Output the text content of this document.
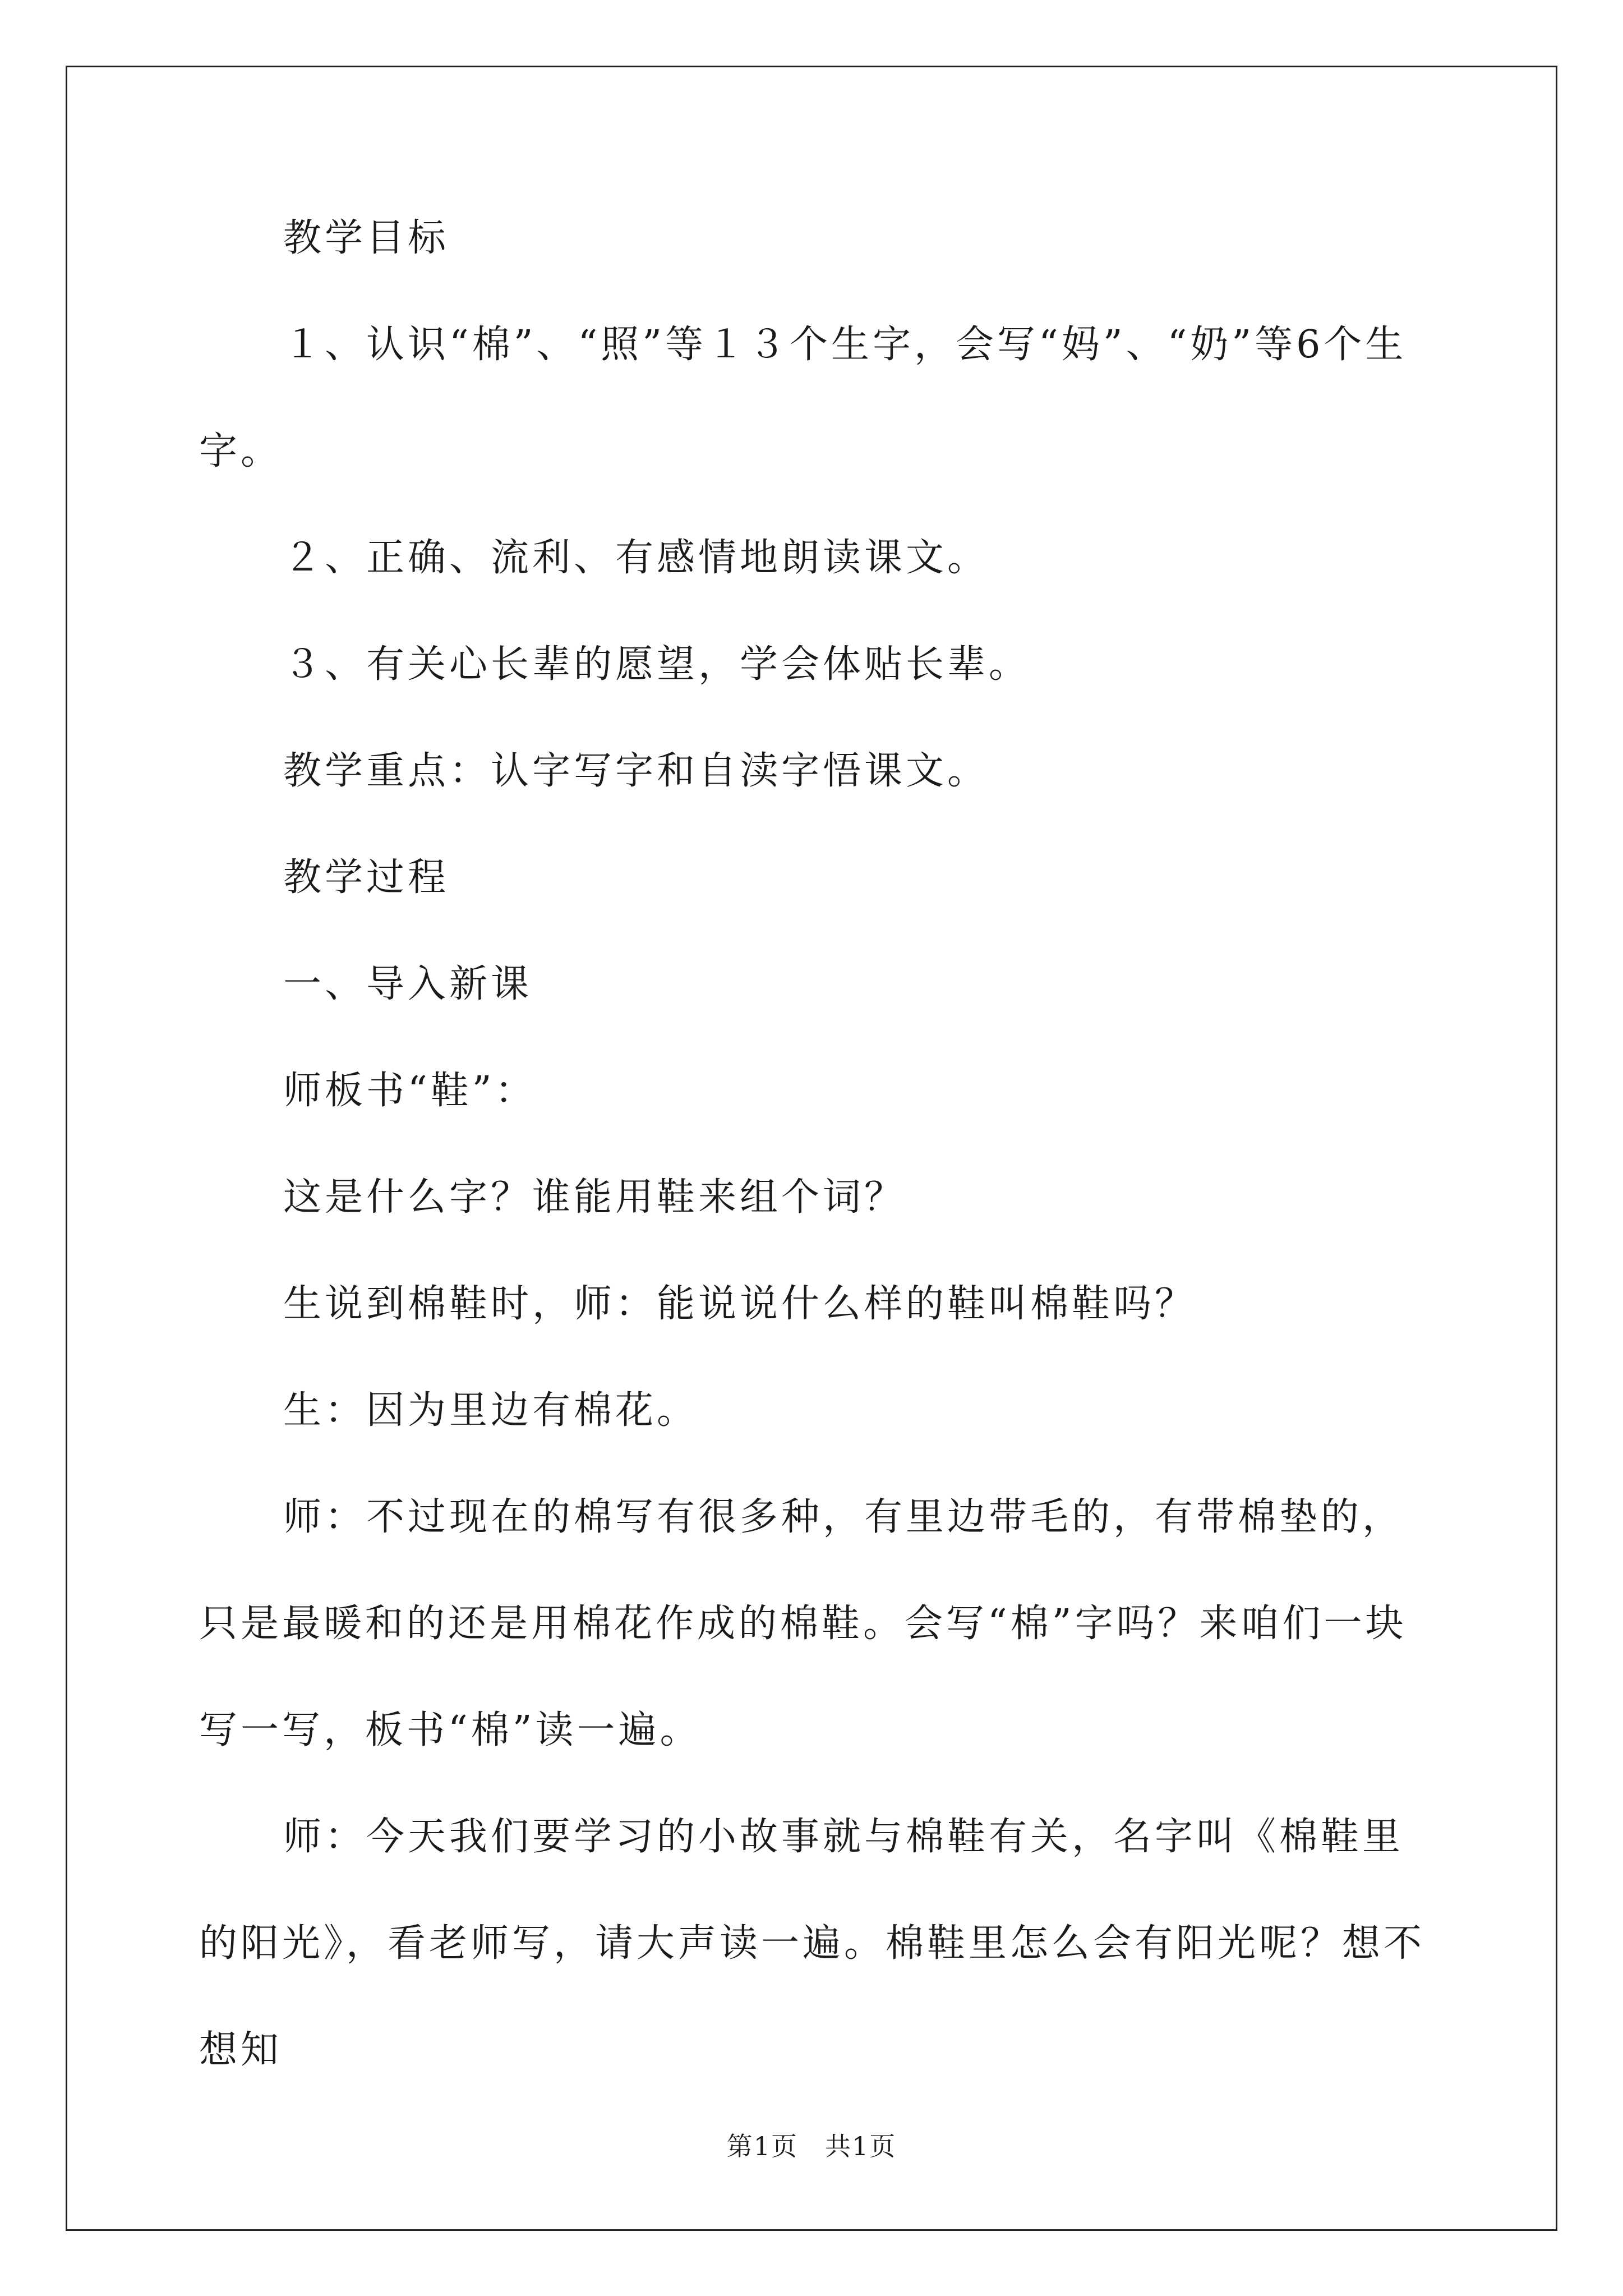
教学目标

１、认识“棉”、“照”等１３个生字，会写“妈”、“奶”等6个生字。

２、正确、流利、有感情地朗读课文。

３、有关心长辈的愿望，学会体贴长辈。

教学重点：认字写字和自渎字悟课文。

教学过程

一、导入新课

师板书“鞋”：

这是什么字？谁能用鞋来组个词？

生说到棉鞋时，师：能说说什么样的鞋叫棉鞋吗？

生：因为里边有棉花。

师：不过现在的棉写有很多种，有里边带毛的，有带棉垫的，只是最暖和的还是用棉花作成的棉鞋。会写“棉”字吗？来咱们一块写一写，板书“棉”读一遍。

师：今天我们要学习的小故事就与棉鞋有关，名字叫《棉鞋里的阳光》，看老师写，请大声读一遍。棉鞋里怎么会有阳光呢？想不想知

第1页　共1页
